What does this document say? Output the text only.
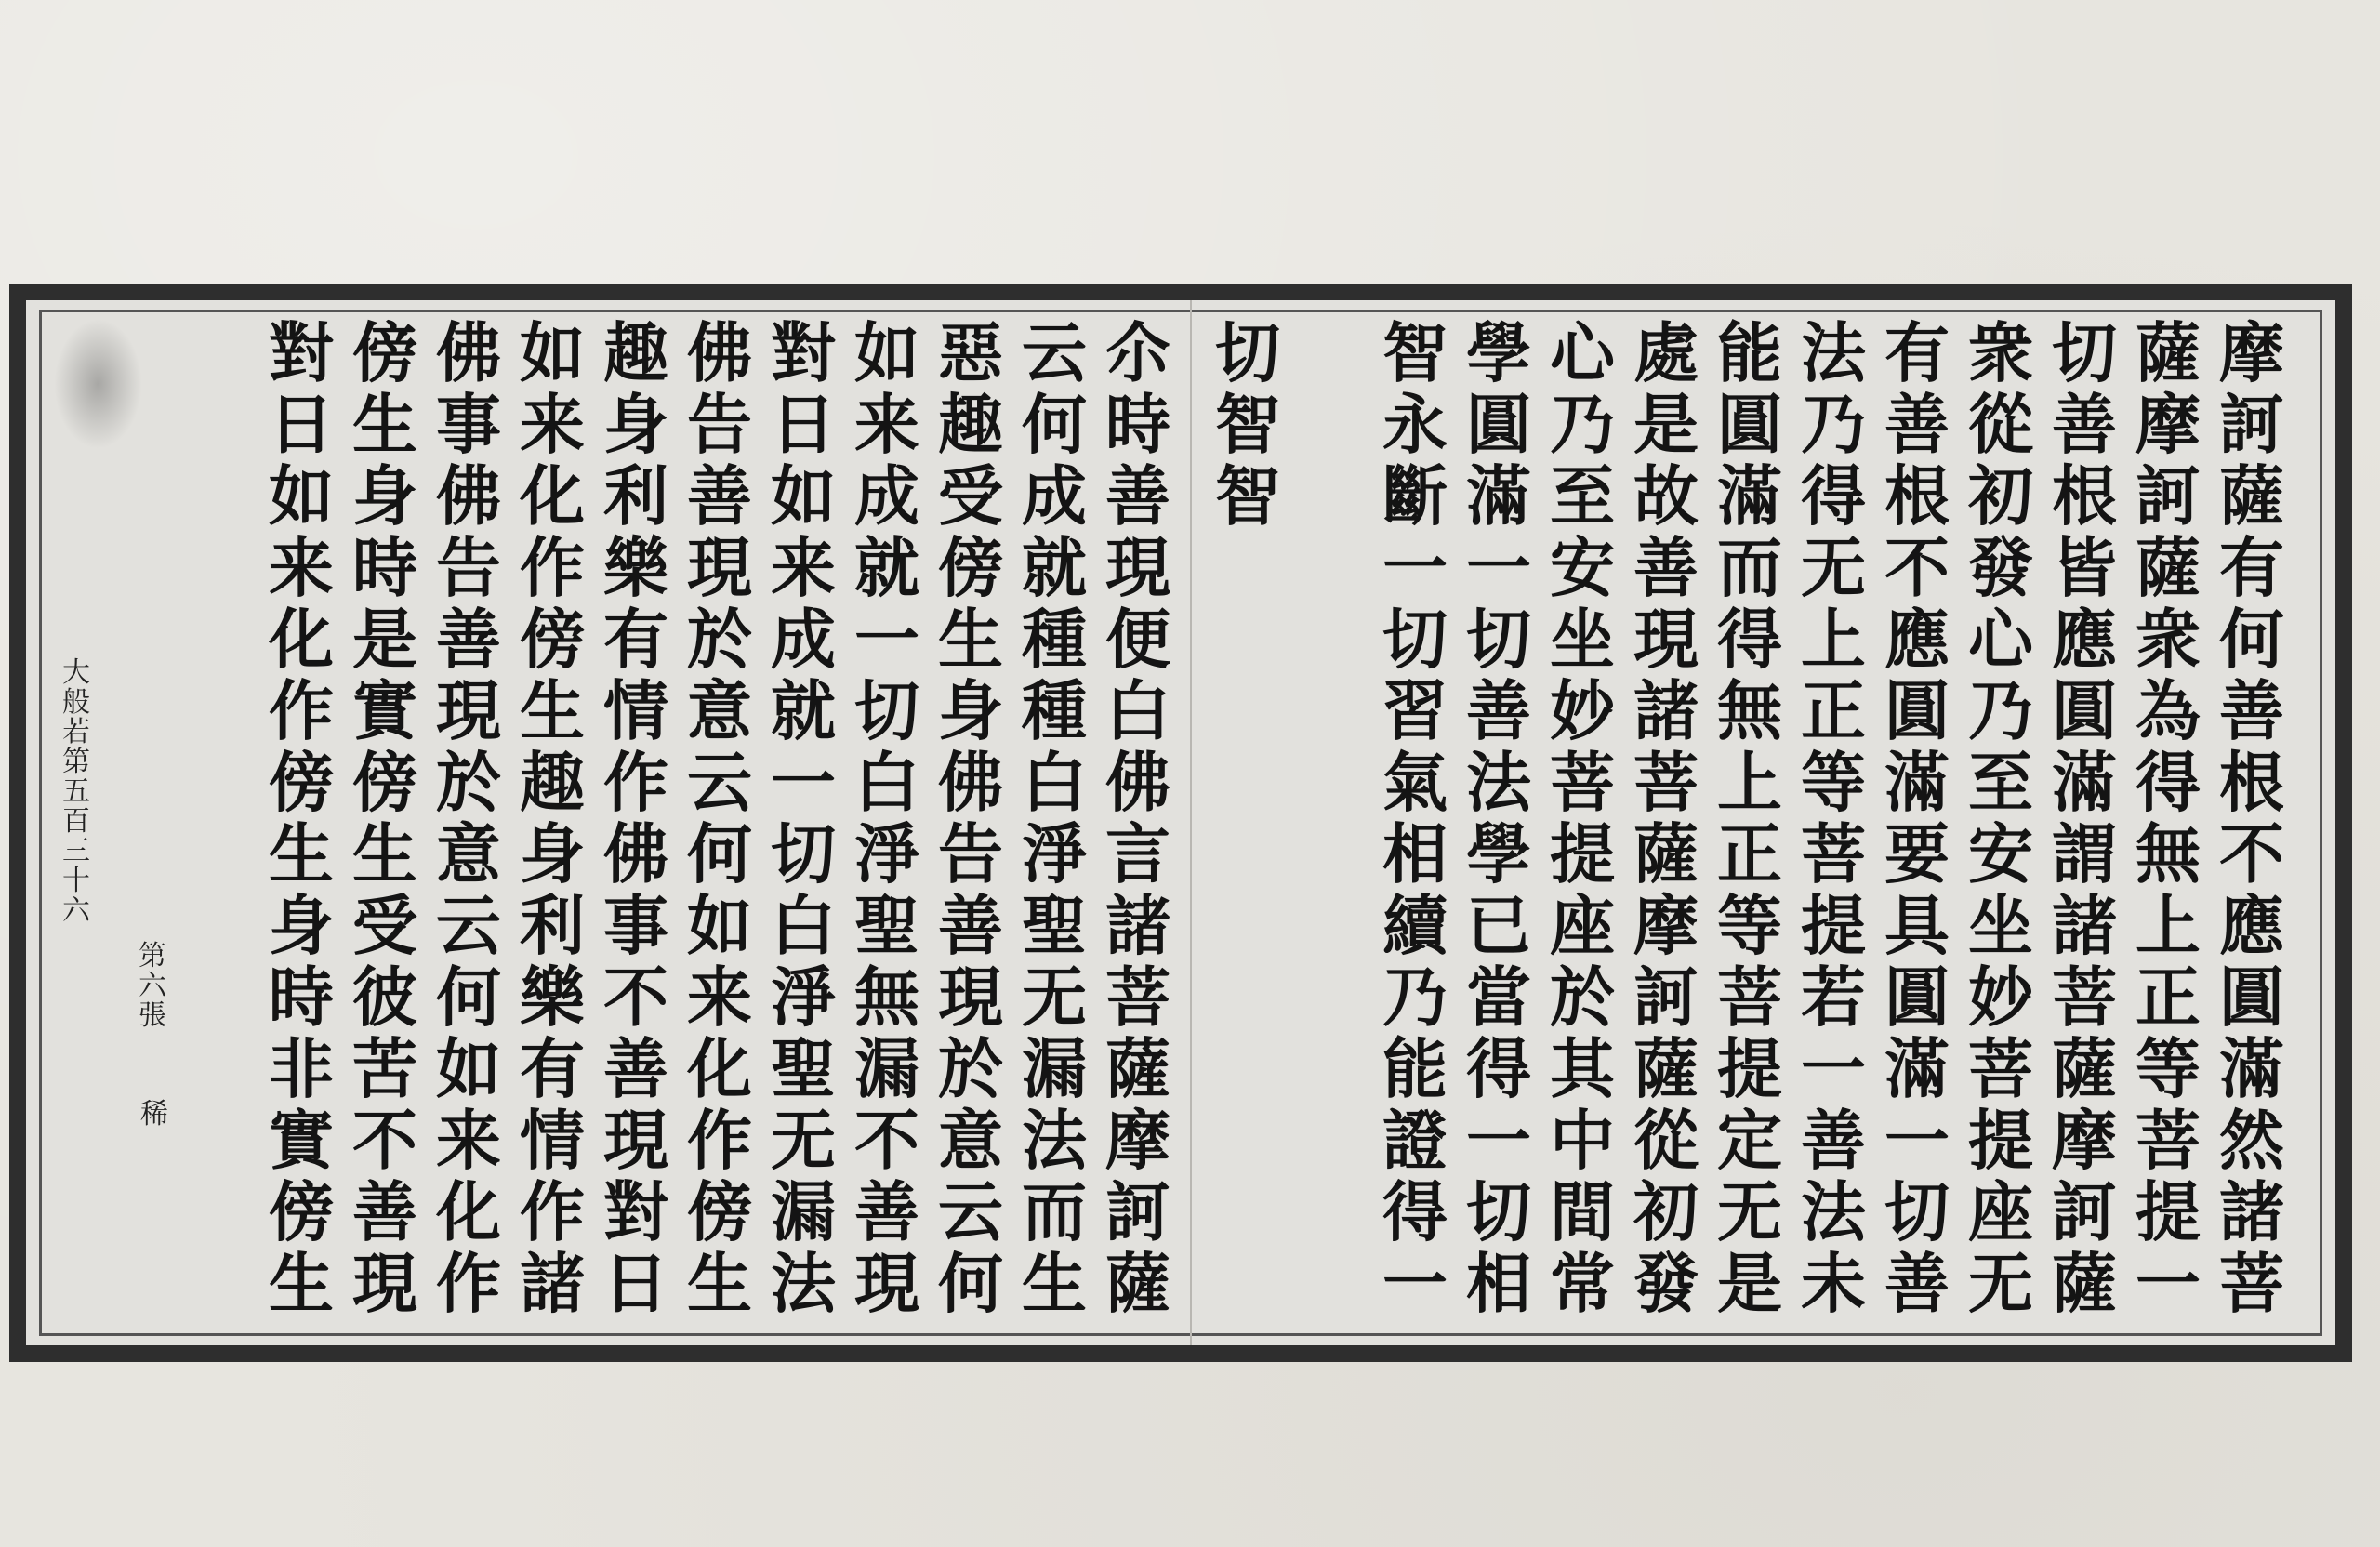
摩
訶
薩
有
何
善
根
不
應
圓
滿
然
諸
菩
薩
摩
訶
薩
衆
為
得
無
上
正
等
菩
提
一
切
善
根
皆
應
圓
滿
謂
諸
菩
薩
摩
訶
薩
衆
從
初
發
心
乃
至
安
坐
妙
菩
提
座
无
有
善
根
不
應
圓
滿
要
具
圓
滿
一
切
善
法
乃
得
无
上
正
等
菩
提
若
一
善
法
未
能
圓
滿
而
得
無
上
正
等
菩
提
定
无
是
處
是
故
善
現
諸
菩
薩
摩
訶
薩
從
初
發
心
乃
至
安
坐
妙
菩
提
座
於
其
中
間
常
學
圓
滿
一
切
善
法
學
已
當
得
一
切
相
智
永
斷
一
切
習
氣
相
續
乃
能
證
得
一
切
智
智
尒
時
善
現
便
白
佛
言
諸
菩
薩
摩
訶
薩
云
何
成
就
種
種
白
淨
聖
无
漏
法
而
生
惡
趣
受
傍
生
身
佛
告
善
現
於
意
云
何
如
来
成
就
一
切
白
淨
聖
無
漏
不
善
現
對
日
如
来
成
就
一
切
白
淨
聖
无
漏
法
佛
告
善
現
於
意
云
何
如
来
化
作
傍
生
趣
身
利
樂
有
情
作
佛
事
不
善
現
對
日
如
来
化
作
傍
生
趣
身
利
樂
有
情
作
諸
佛
事
佛
告
善
現
於
意
云
何
如
来
化
作
傍
生
身
時
是
實
傍
生
受
彼
苦
不
善
現
對
日
如
来
化
作
傍
生
身
時
非
實
傍
生
大
般
若
第
五
百
三
十
六
第
六
張
稀
